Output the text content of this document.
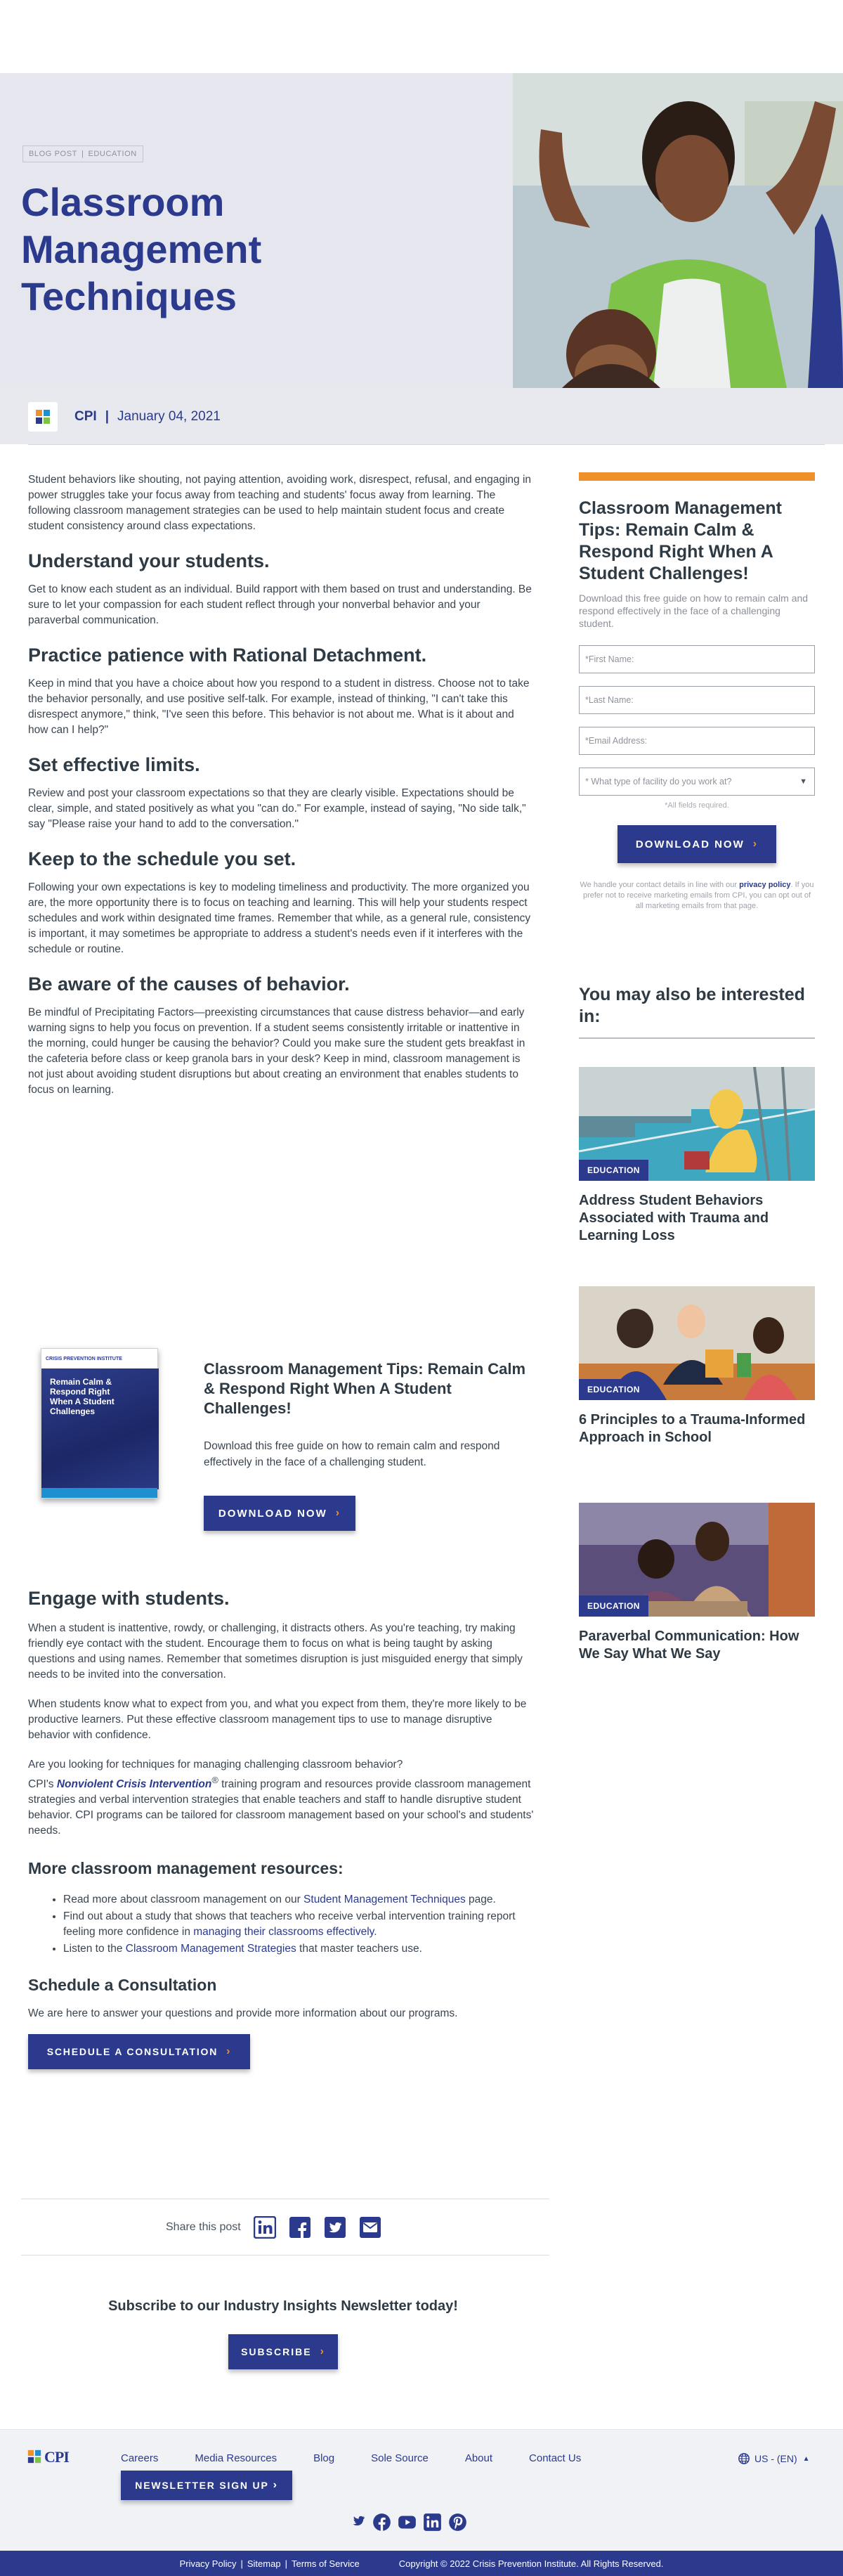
BLOG POST | EDUCATION
Classroom Management Techniques
CPI | January 04, 2021

Student behaviors like shouting, not paying attention, avoiding work, disrespect, refusal, and engaging in power struggles take your focus away from teaching and students' focus away from learning. The following classroom management strategies can be used to help maintain student focus and create student consistency around class expectations.

Understand your students.

Get to know each student as an individual. Build rapport with them based on trust and understanding. Be sure to let your compassion for each student reflect through your nonverbal behavior and your paraverbal communication.

Practice patience with Rational Detachment.

Keep in mind that you have a choice about how you respond to a student in distress. Choose not to take the behavior personally, and use positive self-talk. For example, instead of thinking, "I can't take this disrespect anymore," think, "I've seen this before. This behavior is not about me. What is it about and how can I help?"

Set effective limits.

Review and post your classroom expectations so that they are clearly visible. Expectations should be clear, simple, and stated positively as what you "can do." For example, instead of saying, "No side talk," say "Please raise your hand to add to the conversation."

Keep to the schedule you set.

Following your own expectations is key to modeling timeliness and productivity. The more organized you are, the more opportunity there is to focus on teaching and learning. This will help your students respect schedules and work within designated time frames. Remember that while, as a general rule, consistency is important, it may sometimes be appropriate to address a student's needs even if it interferes with the schedule or routine.

Be aware of the causes of behavior.

Be mindful of Precipitating Factors—preexisting circumstances that cause distress behavior—and early warning signs to help you focus on prevention. If a student seems consistently irritable or inattentive in the morning, could hunger be causing the behavior? Could you make sure the student gets breakfast in the cafeteria before class or keep granola bars in your desk? Keep in mind, classroom management is not just about avoiding student disruptions but about creating an environment that enables students to focus on learning.

Classroom Management Tips: Remain Calm & Respond Right When A Student Challenges!

Download this free guide on how to remain calm and respond effectively in the face of a challenging student.

*First Name:
*Last Name:
*Email Address:
* What type of facility do you work at?	▼

*All fields required.

DOWNLOAD NOW ›

We handle your contact details in line with our privacy policy. If you prefer not to receive marketing emails from CPI, you can opt out of all marketing emails from that page.

You may also be interested in:
EDUCATION
Address Student Behaviors Associated with Trauma and Learning Loss
EDUCATION
6 Principles to a Trauma-Informed Approach in School
EDUCATION
Paraverbal Communication: How We Say What We Say
CRISIS PREVENTION INSTITUTE
Remain Calm & Respond Right When A Student Challenges
Classroom Management Tips: Remain Calm & Respond Right When A Student Challenges!

Download this free guide on how to remain calm and respond effectively in the face of a challenging student.

DOWNLOAD NOW ›
Engage with students.

When a student is inattentive, rowdy, or challenging, it distracts others. As you're teaching, try making friendly eye contact with the student. Encourage them to focus on what is being taught by asking questions and using names. Remember that sometimes disruption is just misguided energy that simply needs to be invited into the conversation.

When students know what to expect from you, and what you expect from them, they're more likely to be productive learners. Put these effective classroom management tips to use to manage disruptive behavior with confidence.

Are you looking for techniques for managing challenging classroom behavior?

CPI's Nonviolent Crisis Intervention® training program and resources provide classroom management strategies and verbal intervention strategies that enable teachers and staff to handle disruptive student behavior. CPI programs can be tailored for classroom management based on your school's and students' needs.

More classroom management resources:
• Read more about classroom management on our Student Management Techniques page.
• Find out about a study that shows that teachers who receive verbal intervention training report feeling more confidence in managing their classrooms effectively.
• Listen to the Classroom Management Strategies that master teachers use.
Schedule a Consultation

We are here to answer your questions and provide more information about our programs.

SCHEDULE A CONSULTATION ›
Share this post
Subscribe to our Industry Insights Newsletter today!
SUBSCRIBE ›
CPI	Careers	Media Resources	Blog	Sole Source	About	Contact Us
NEWSLETTER SIGN UP ›
US - (EN) ▲
Privacy Policy | Sitemap | Terms of Service	Copyright © 2022 Crisis Prevention Institute. All Rights Reserved.
